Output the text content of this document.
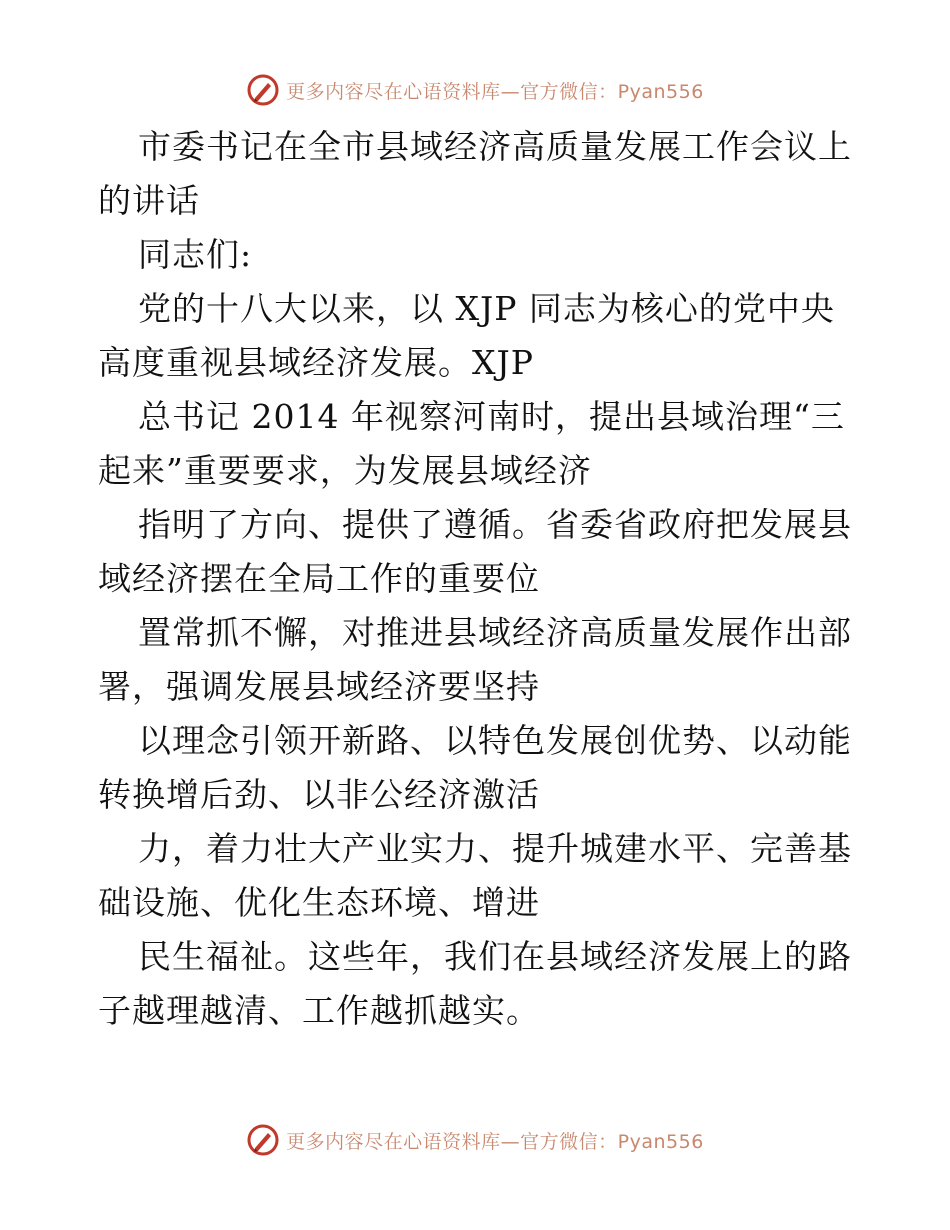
更多内容尽在心语资料库—官方微信：Pyan556
市委书记在全市县域经济高质量发展工作会议上
的讲话
同志们:
党的十八大以来，以 XJP 同志为核心的党中央
高度重视县域经济发展。XJP
总书记 2014 年视察河南时，提出县域治理“三
起来”重要要求，为发展县域经济
指明了方向、提供了遵循。省委省政府把发展县
域经济摆在全局工作的重要位
置常抓不懈，对推进县域经济高质量发展作出部
署，强调发展县域经济要坚持
以理念引领开新路、以特色发展创优势、以动能
转换增后劲、以非公经济激活
力，着力壮大产业实力、提升城建水平、完善基
础设施、优化生态环境、增进
民生福祉。这些年，我们在县域经济发展上的路
子越理越清、工作越抓越实。
更多内容尽在心语资料库—官方微信：Pyan556
